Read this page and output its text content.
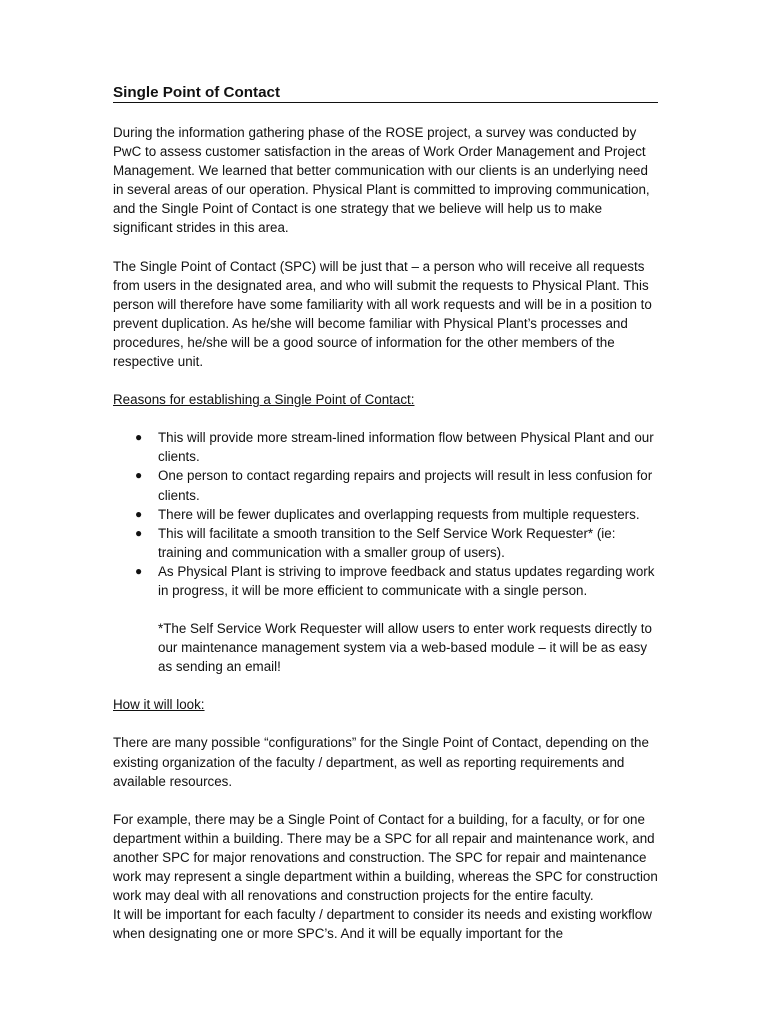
Single Point of Contact

During the information gathering phase of the ROSE project, a survey was conducted by PwC to assess customer satisfaction in the areas of Work Order Management and Project Management. We learned that better communication with our clients is an underlying need in several areas of our operation. Physical Plant is committed to improving communication, and the Single Point of Contact is one strategy that we believe will help us to make significant strides in this area.

The Single Point of Contact (SPC) will be just that – a person who will receive all requests from users in the designated area, and who will submit the requests to Physical Plant. This person will therefore have some familiarity with all work requests and will be in a position to prevent duplication. As he/she will become familiar with Physical Plant’s processes and procedures, he/she will be a good source of information for the other members of the respective unit.

Reasons for establishing a Single Point of Contact:

● This will provide more stream-lined information flow between Physical Plant and our clients.
● One person to contact regarding repairs and projects will result in less confusion for clients.
● There will be fewer duplicates and overlapping requests from multiple requesters.
● This will facilitate a smooth transition to the Self Service Work Requester* (ie: training and communication with a smaller group of users).
● As Physical Plant is striving to improve feedback and status updates regarding work in progress, it will be more efficient to communicate with a single person.

*The Self Service Work Requester will allow users to enter work requests directly to our maintenance management system via a web-based module – it will be as easy as sending an email!

How it will look:

There are many possible “configurations” for the Single Point of Contact, depending on the existing organization of the faculty / department, as well as reporting requirements and available resources.

For example, there may be a Single Point of Contact for a building, for a faculty, or for one department within a building. There may be a SPC for all repair and maintenance work, and another SPC for major renovations and construction. The SPC for repair and maintenance work may represent a single department within a building, whereas the SPC for construction work may deal with all renovations and construction projects for the entire faculty.

It will be important for each faculty / department to consider its needs and existing workflow when designating one or more SPC’s. And it will be equally important for the
